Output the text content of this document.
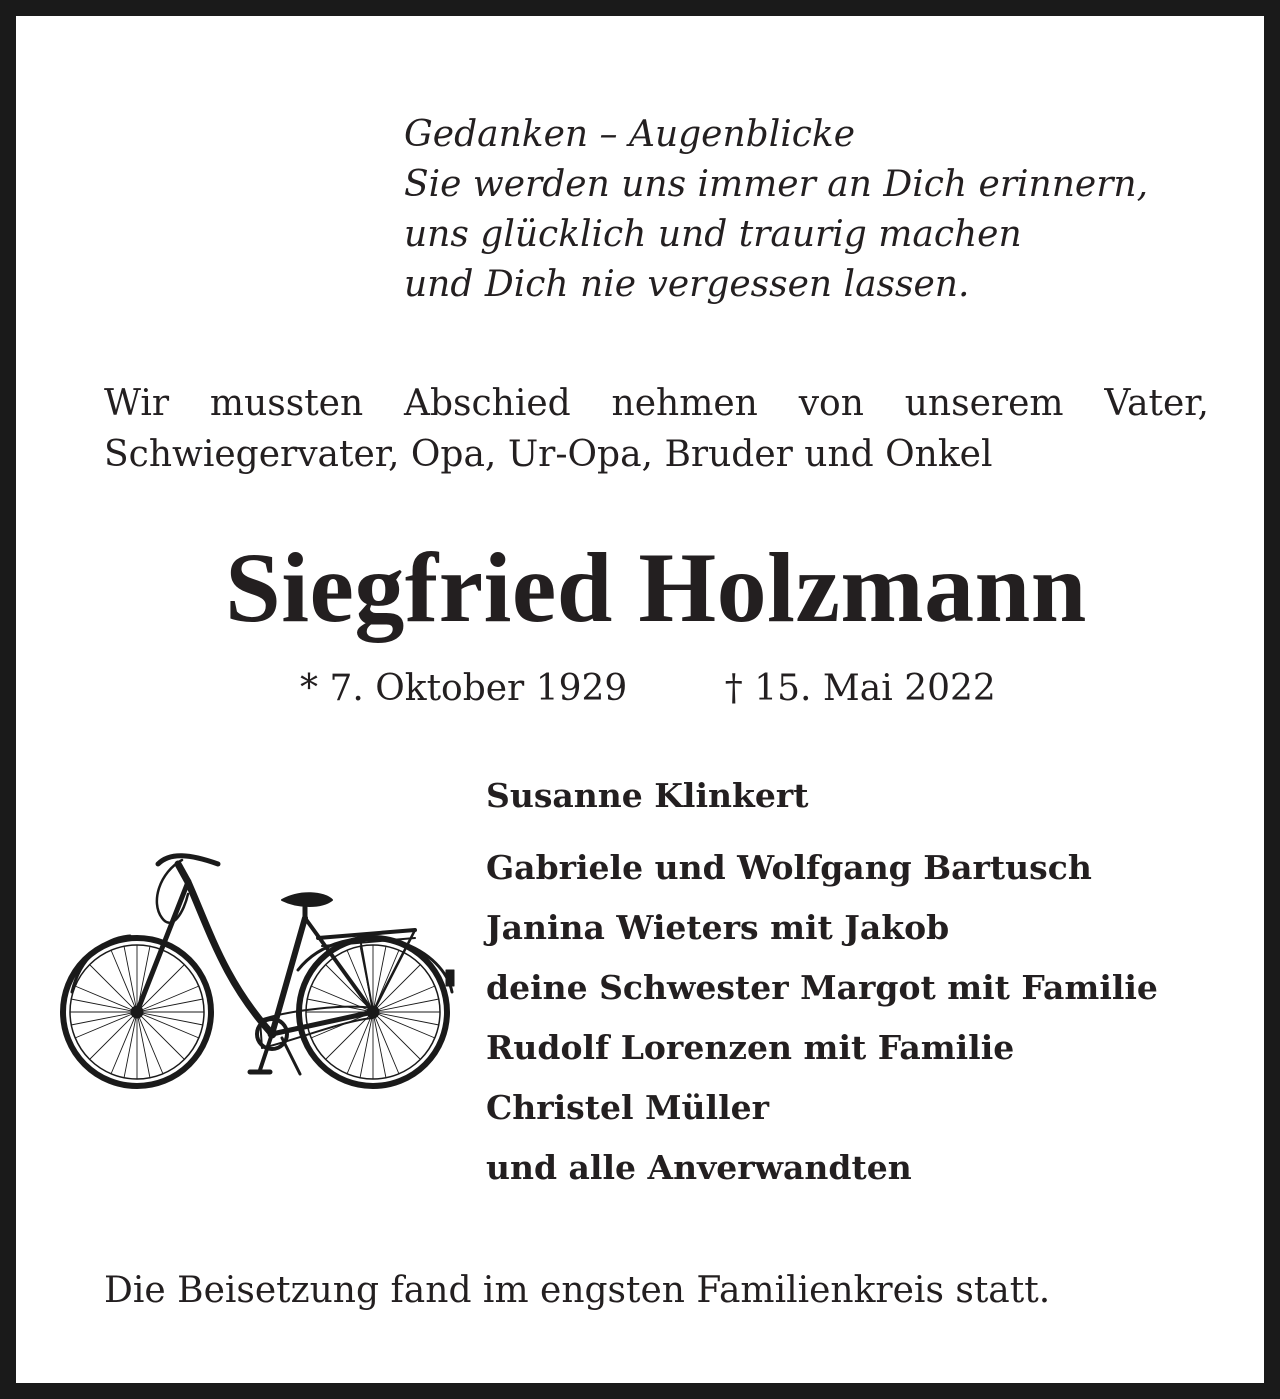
Gedanken – Augenblicke
Sie werden uns immer an Dich erinnern,
uns glücklich und traurig machen
und Dich nie vergessen lassen.
Wir mussten Abschied nehmen von unserem Vater,
Schwiegervater, Opa, Ur-Opa, Bruder und Onkel
Siegfried Holzmann
* 7. Oktober 1929	† 15. Mai 2022
Susanne Klinkert
Gabriele und Wolfgang Bartusch
Janina Wieters mit Jakob
deine Schwester Margot mit Familie
Rudolf Lorenzen mit Familie
Christel Müller
und alle Anverwandten
Die Beisetzung fand im engsten Familienkreis statt.
